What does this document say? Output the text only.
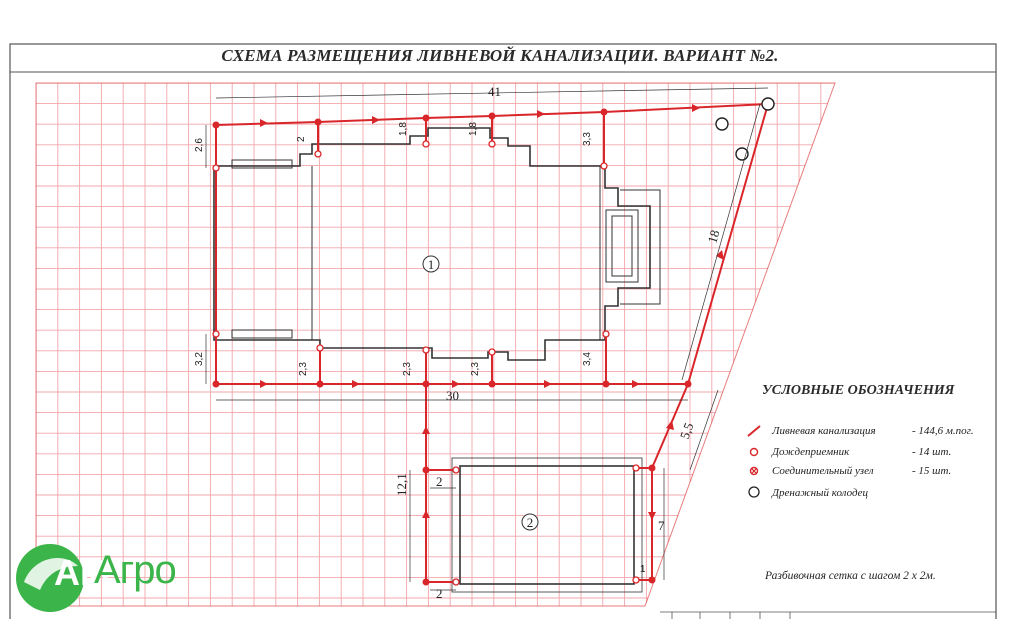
41
30
18
5,5
2,6	2
1,8	1,8
3,3
3,2
2,3	2,3	2,3
3,4
12,1 2
2
7
1
1
2
СХЕМА РАЗМЕЩЕНИЯ ЛИВНЕВОЙ КАНАЛИЗАЦИИ. ВАРИАНТ №2.
УСЛОВНЫЕ ОБОЗНАЧЕНИЯ
Ливневая канализация	- 144,6 м.пог.
Дождеприемник	- 14 шт.
Соединительный узел	- 15 шт.
Дренажный колодец
Разбивочная сетка с шагом 2 х 2м.
АМ
Агро
